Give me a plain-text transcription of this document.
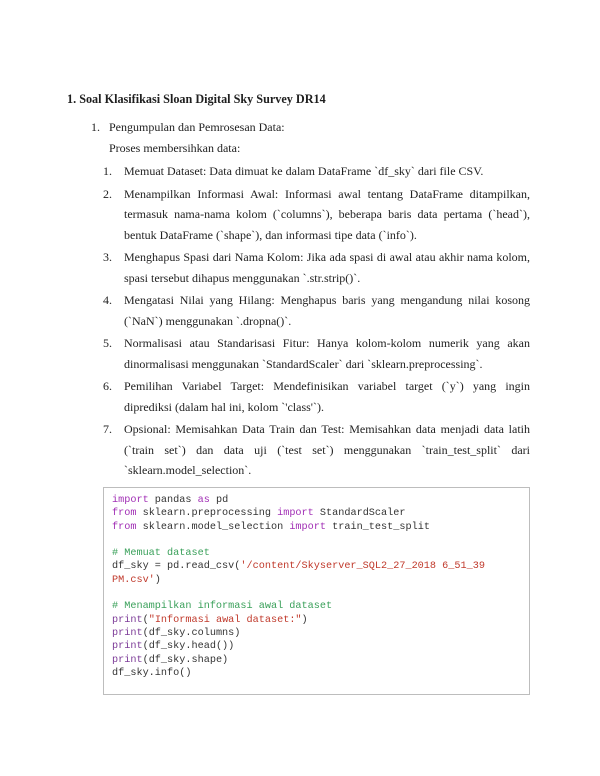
1. Soal Klasifikasi Sloan Digital Sky Survey DR14
1. Pengumpulan dan Pemrosesan Data:
Proses membersihkan data:
1. Memuat Dataset: Data dimuat ke dalam DataFrame `df_sky` dari file CSV.
2. Menampilkan Informasi Awal: Informasi awal tentang DataFrame ditampilkan, termasuk nama-nama kolom (`columns`), beberapa baris data pertama (`head`), bentuk DataFrame (`shape`), dan informasi tipe data (`info`).
3. Menghapus Spasi dari Nama Kolom: Jika ada spasi di awal atau akhir nama kolom, spasi tersebut dihapus menggunakan `.str.strip()`.
4. Mengatasi Nilai yang Hilang: Menghapus baris yang mengandung nilai kosong (`NaN`) menggunakan `.dropna()`.
5. Normalisasi atau Standarisasi Fitur: Hanya kolom-kolom numerik yang akan dinormalisasi menggunakan `StandardScaler` dari `sklearn.preprocessing`.
6. Pemilihan Variabel Target: Mendefinisikan variabel target (`y`) yang ingin diprediksi (dalam hal ini, kolom `'class'`).
7. Opsional: Memisahkan Data Train dan Test: Memisahkan data menjadi data latih (`train set`) dan data uji (`test set`) menggunakan `train_test_split` dari `sklearn.model_selection`.
import pandas as pd
from sklearn.preprocessing import StandardScaler
from sklearn.model_selection import train_test_split
# Memuat dataset
df_sky = pd.read_csv('/content/Skyserver_SQL2_27_2018 6_51_39
PM.csv')
# Menampilkan informasi awal dataset
print("Informasi awal dataset:")
print(df_sky.columns)
print(df_sky.head())
print(df_sky.shape)
df_sky.info()
